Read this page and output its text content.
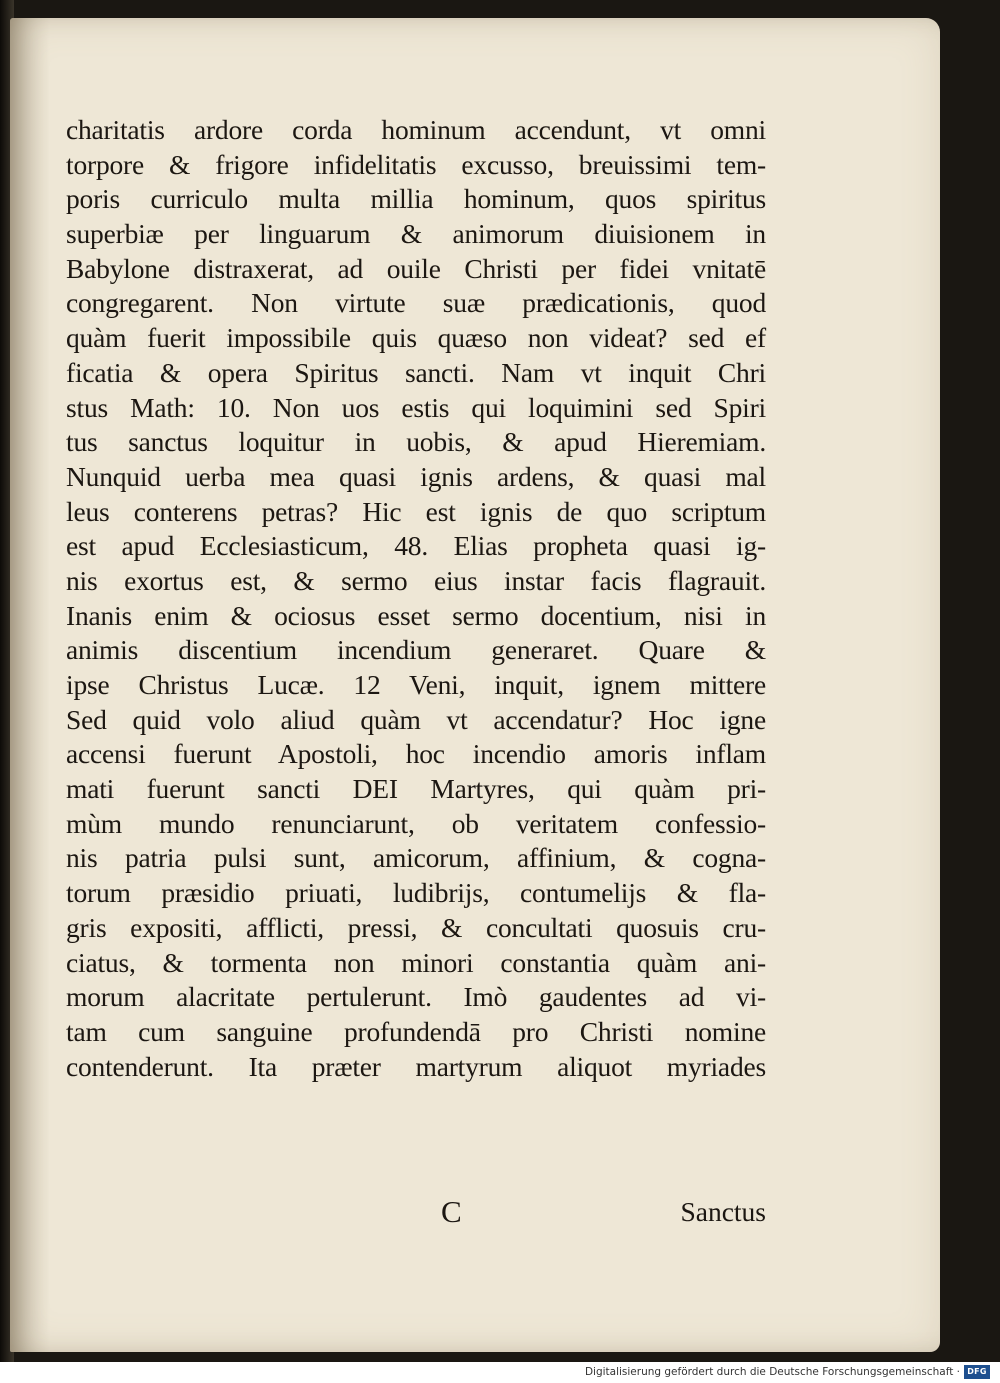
charitatis ardore corda hominum accendunt, vt omni
torpore & frigore infidelitatis excusso, breuissimi tem-
poris curriculo multa millia hominum, quos spiritus
superbiæ per linguarum & animorum diuisionem in
Babylone distraxerat, ad ouile Christi per fidei vnitatē
congregarent. Non virtute suæ prædicationis, quod
quàm fuerit impossibile quis quæso non videat? sed ef
ficatia & opera Spiritus sancti. Nam vt inquit Chri
stus Math: 10. Non uos estis qui loquimini sed Spiri
tus sanctus loquitur in uobis, & apud Hieremiam.
Nunquid uerba mea quasi ignis ardens, & quasi mal
leus conterens petras? Hic est ignis de quo scriptum
est apud Ecclesiasticum, 48. Elias propheta quasi ig-
nis exortus est, & sermo eius instar facis flagrauit.
Inanis enim & ociosus esset sermo docentium, nisi in
animis discentium incendium generaret. Quare &
ipse Christus Lucæ. 12 Veni, inquit, ignem mittere
Sed quid volo aliud quàm vt accendatur? Hoc igne
accensi fuerunt Apostoli, hoc incendio amoris inflam
mati fuerunt sancti DEI Martyres, qui quàm pri-
mùm mundo renunciarunt, ob veritatem confessio-
nis patria pulsi sunt, amicorum, affinium, & cogna-
torum præsidio priuati, ludibrijs, contumelijs & fla-
gris expositi, afflicti, pressi, & concultati quosuis cru-
ciatus, & tormenta non minori constantia quàm ani-
morum alacritate pertulerunt. Imò gaudentes ad vi-
tam cum sanguine profundendā pro Christi nomine
contenderunt. Ita præter martyrum aliquot myriades
C	Sanctus
Digitalisierung gefördert durch die Deutsche Forschungsgemeinschaft · DFG
